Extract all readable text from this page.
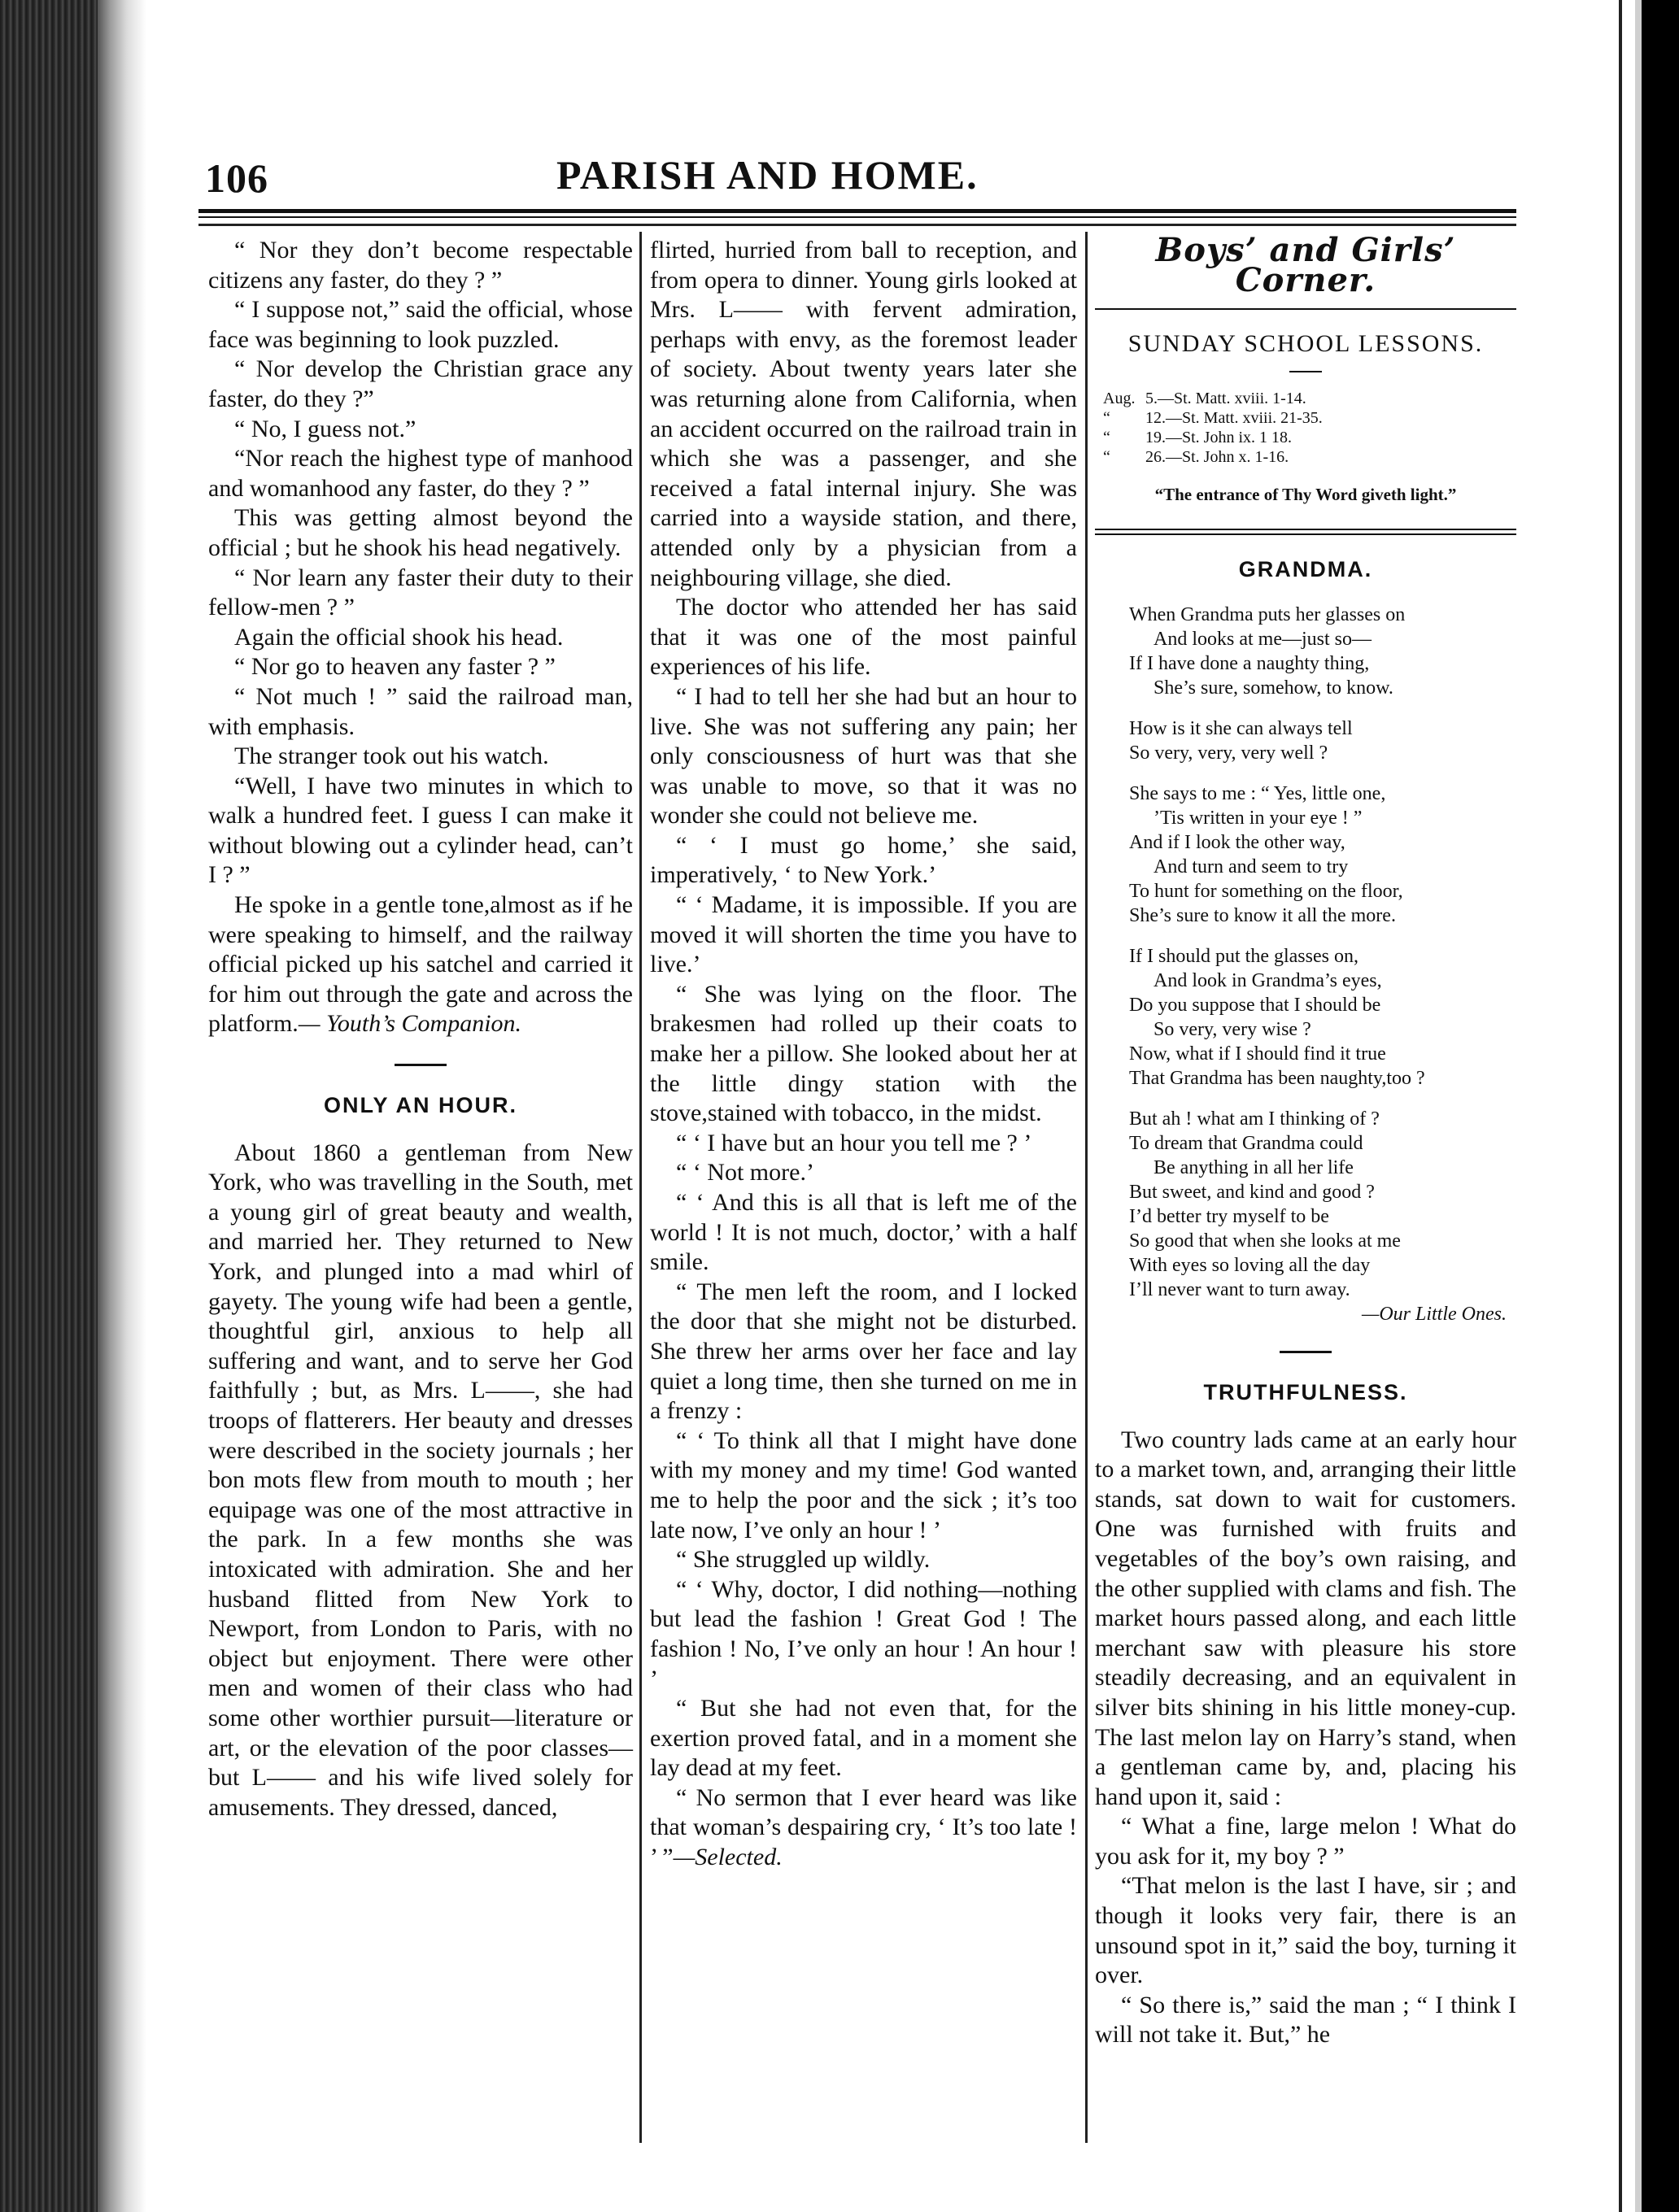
106	PARISH AND HOME.

“ Nor they don’t become respectable citizens any faster, do they ? ”

“ I suppose not,” said the official, whose face was beginning to look puzzled.

“ Nor develop the Christian grace any faster, do they ?”

“ No, I guess not.”

“Nor reach the highest type of manhood and womanhood any faster, do they ? ”

This was getting almost beyond the official ; but he shook his head negatively.

“ Nor learn any faster their duty to their fellow-men ? ”

Again the official shook his head.

“ Nor go to heaven any faster ? ”

“ Not much ! ” said the railroad man, with emphasis.

The stranger took out his watch.

“Well, I have two minutes in which to walk a hundred feet. I guess I can make it without blowing out a cylinder head, can’t I ? ”

He spoke in a gentle tone,almost as if he were speaking to himself, and the railway official picked up his satchel and carried it for him out through the gate and across the platform.— Youth’s Companion.

ONLY AN HOUR.

About 1860 a gentleman from New York, who was travelling in the South, met a young girl of great beauty and wealth, and married her. They returned to New York, and plunged into a mad whirl of gayety. The young wife had been a gentle, thoughtful girl, anxious to help all suffering and want, and to serve her God faithfully ; but, as Mrs. L——, she had troops of flatterers. Her beauty and dresses were described in the society journals ; her bon mots flew from mouth to mouth ; her equipage was one of the most attractive in the park. In a few months she was intoxicated with admiration. She and her husband flitted from New York to Newport, from London to Paris, with no object but enjoyment. There were other men and women of their class who had some other worthier pursuit—literature or art, or the elevation of the poor classes—but L—— and his wife lived solely for amusements. They dressed, danced,

flirted, hurried from ball to reception, and from opera to dinner. Young girls looked at Mrs. L—— with fervent admiration, perhaps with envy, as the foremost leader of society. About twenty years later she was returning alone from California, when an accident occurred on the railroad train in which she was a passenger, and she received a fatal internal injury. She was carried into a wayside station, and there, attended only by a physician from a neighbouring village, she died.

The doctor who attended her has said that it was one of the most painful experiences of his life.

“ I had to tell her she had but an hour to live. She was not suffering any pain; her only consciousness of hurt was that she was unable to move, so that it was no wonder she could not believe me.

“ ‘ I must go home,’ she said, imperatively, ‘ to New York.’

“ ‘ Madame, it is impossible. If you are moved it will shorten the time you have to live.’

“ She was lying on the floor. The brakesmen had rolled up their coats to make her a pillow. She looked about her at the little dingy station with the stove,stained with tobacco, in the midst.

“ ‘ I have but an hour you tell me ? ’

“ ‘ Not more.’

“ ‘ And this is all that is left me of the world ! It is not much, doctor,’ with a half smile.

“ The men left the room, and I locked the door that she might not be disturbed. She threw her arms over her face and lay quiet a long time, then she turned on me in a frenzy :

“ ‘ To think all that I might have done with my money and my time! God wanted me to help the poor and the sick ; it’s too late now, I’ve only an hour ! ’

“ She struggled up wildly.

“ ‘ Why, doctor, I did nothing—nothing but lead the fashion ! Great God ! The fashion ! No, I’ve only an hour ! An hour ! ’

“ But she had not even that, for the exertion proved fatal, and in a moment she lay dead at my feet.

“ No sermon that I ever heard was like that woman’s despairing cry, ‘ It’s too late ! ’ ”—Selected.

Boys’ and Girls’ Corner.
SUNDAY SCHOOL LESSONS.
Aug. 5.—St. Matt. xviii. 1-14.
“ 12.—St. Matt. xviii. 21-35.
“ 19.—St. John ix. 1 18.
“ 26.—St. John x. 1-16.
“The entrance of Thy Word giveth light.”
GRANDMA.
When Grandma puts her glasses on
And looks at me—just so—
If I have done a naughty thing,
She’s sure, somehow, to know.
How is it she can always tell
So very, very, very well ?
She says to me : “ Yes, little one,
’Tis written in your eye ! ”
And if I look the other way,
And turn and seem to try
To hunt for something on the floor,
She’s sure to know it all the more.
If I should put the glasses on,
And look in Grandma’s eyes,
Do you suppose that I should be
So very, very wise ?
Now, what if I should find it true
That Grandma has been naughty,too ?
But ah ! what am I thinking of ?
To dream that Grandma could
Be anything in all her life
But sweet, and kind and good ?
I’d better try myself to be
So good that when she looks at me
With eyes so loving all the day
I’ll never want to turn away.
—Our Little Ones.
TRUTHFULNESS.

Two country lads came at an early hour to a market town, and, arranging their little stands, sat down to wait for customers. One was furnished with fruits and vegetables of the boy’s own raising, and the other supplied with clams and fish. The market hours passed along, and each little merchant saw with pleasure his store steadily decreasing, and an equivalent in silver bits shining in his little money-cup. The last melon lay on Harry’s stand, when a gentleman came by, and, placing his hand upon it, said :

“ What a fine, large melon ! What do you ask for it, my boy ? ”

“That melon is the last I have, sir ; and though it looks very fair, there is an unsound spot in it,” said the boy, turning it over.

“ So there is,” said the man ; “ I think I will not take it. But,” he
